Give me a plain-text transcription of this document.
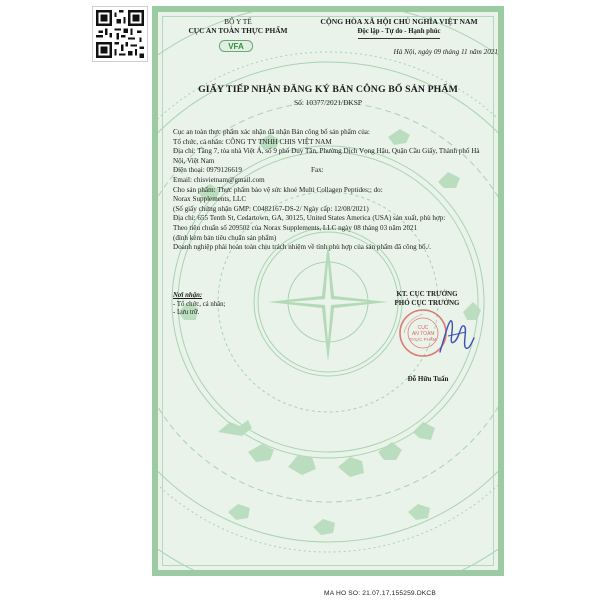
BỘ Y TẾ
CỤC AN TOÀN THỰC PHẨM
VFA
CỘNG HÒA XÃ HỘI CHỦ NGHĨA VIỆT NAM
Độc lập - Tự do - Hạnh phúc
Hà Nội, ngày 09 tháng 11 năm 2021
GIẤY TIẾP NHẬN ĐĂNG KÝ BẢN CÔNG BỐ SẢN PHẨM
Số: 10377/2021/ĐKSP

Cục an toàn thực phẩm xác nhận đã nhận Bản công bố sản phẩm của:

Tổ chức, cá nhân: CÔNG TY TNHH CHIS VIỆT NAM

Địa chỉ: Tầng 7, tòa nhà Việt Á, số 9 phố Duy Tân, Phường Dịch Vọng Hậu, Quận Cầu Giấy, Thành phố Hà Nội, Việt Nam

Điện thoại: 0979126619	Fax:

Email: chisvietnam@gmail.com

Cho sản phẩm: Thực phẩm bảo vệ sức khoẻ Multi Collagen Peptides;; do:

Norax Supplements, LLC

(Số giấy chứng nhận GMP: C0482167-DS-2/ Ngày cấp: 12/08/2021)

Địa chỉ: 655 Tenth St, Cedartown, GA, 30125, United States America (USA) sản xuất, phù hợp:

Theo tiêu chuẩn số 209502 của Norax Supplements, LLC ngày 08 tháng 03 năm 2021

(đính kèm bản tiêu chuẩn sản phẩm)

Doanh nghiệp phải hoàn toàn chịu trách nhiệm về tính phù hợp của sản phẩm đã công bố./.

Nơi nhận:
- Tổ chức, cá nhân;
- Lưu trữ.
KT. CỤC TRƯỞNG
PHÓ CỤC TRƯỞNG
CỤC
AN TOÀN
THỰC PHẨM
Đỗ Hữu Tuấn
MA HO SO: 21.07.17.155259.DKCB
